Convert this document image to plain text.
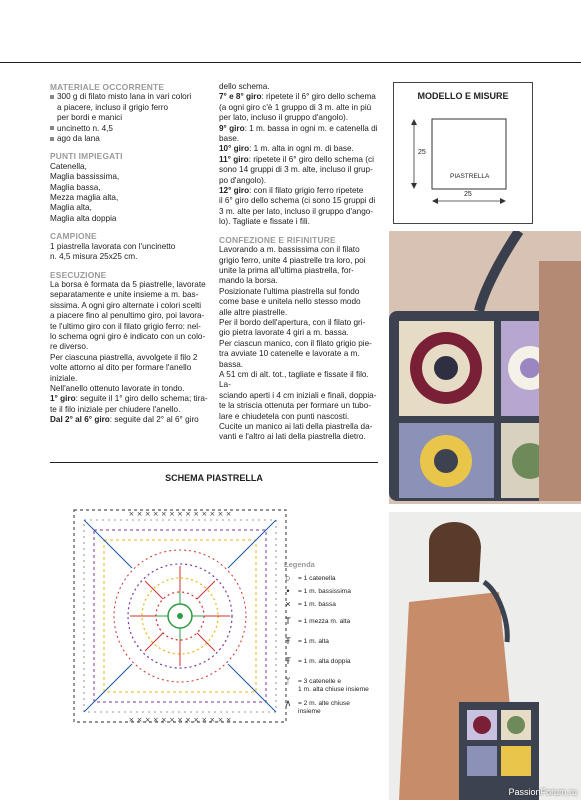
MATERIALE OCCORRENTE

300 g di filato misto lana in vari colori

a piacere, incluso il grigio ferro

per bordi e manici

uncinetto n. 4,5

ago da lana

PUNTI IMPIEGATI

Catenella,

Maglia bassissima,

Maglia bassa,

Mezza maglia alta,

Maglia alta,

Maglia alta doppia

CAMPIONE

1 piastrella lavorata con l'uncinetto

n. 4,5 misura 25x25 cm.

ESECUZIONE

La borsa è formata da 5 piastrelle, lavorate

separatamente e unite insieme a m. bas-

sissima. A ogni giro alternate i colori scelti

a piacere fino al penultimo giro, poi lavora-

te l'ultimo giro con il filato grigio ferro: nel-

lo schema ogni giro è indicato con un colo-

re diverso.

Per ciascuna piastrella, avvolgete il filo 2

volte attorno al dito per formare l'anello

iniziale.

Nell'anello ottenuto lavorate in tondo.

1° giro: seguite il 1° giro dello schema; tira-

te il filo iniziale per chiudere l'anello.

Dal 2° al 6° giro: seguite dal 2° al 6° giro

dello schema.

7° e 8° giro: ripetete il 6° giro dello schema

(a ogni giro c'è 1 gruppo di 3 m. alte in più

per lato, incluso il gruppo d'angolo).

9° giro: 1 m. bassa in ogni m. e catenella di

base.

10° giro: 1 m. alta in ogni m. di base.

11° giro: ripetete il 6° giro dello schema (ci

sono 14 gruppi di 3 m. alte, incluso il grup-

po d'angolo).

12° giro: con il filato grigio ferro ripetete

il 6° giro dello schema (ci sono 15 gruppi di

3 m. alte per lato, incluso il gruppo d'ango-

lo). Tagliate e fissate i fili.

CONFEZIONE E RIFINITURE

Lavorando a m. bassissima con il filato

grigio ferro, unite 4 piastrelle tra loro, poi

unite la prima all'ultima piastrella, for-

mando la borsa.

Posizionate l'ultima piastrella sul fondo

come base e unitela nello stesso modo

alle altre piastrelle.

Per il bordo dell'apertura, con il filato gri-

gio pietra lavorate 4 giri a m. bassa.

Per ciascun manico, con il filato grigio pie-

tra avviate 10 catenelle e lavorate a m.

bassa.

A 51 cm di alt. tot., tagliate e fissate il filo. La-

sciando aperti i 4 cm iniziali e finali, doppia-

te la striscia ottenuta per formare un tubo-

lare e chiudetela con punti nascosti.

Cucite un manico ai lati della piastrella da-

vanti e l'altro ai lati della piastrella dietro.

MODELLO E MISURE
25
PIASTRELLA
25
PassionForum.ru
SCHEMA PIASTRELLA
× × × × × × × × × × × × ×
× × × × × × × × × × × × ×
Legenda
○	= 1 catenella
•	= 1 m. bassissima
×	= 1 m. bassa
T	= 1 mezza m. alta
Ŧ	= 1 m. alta
Ŧ	= 1 m. alta doppia
ᛘ	= 3 catenelle e
1 m. alta chiuse insieme
∧	= 2 m. alte chiuse
insieme
